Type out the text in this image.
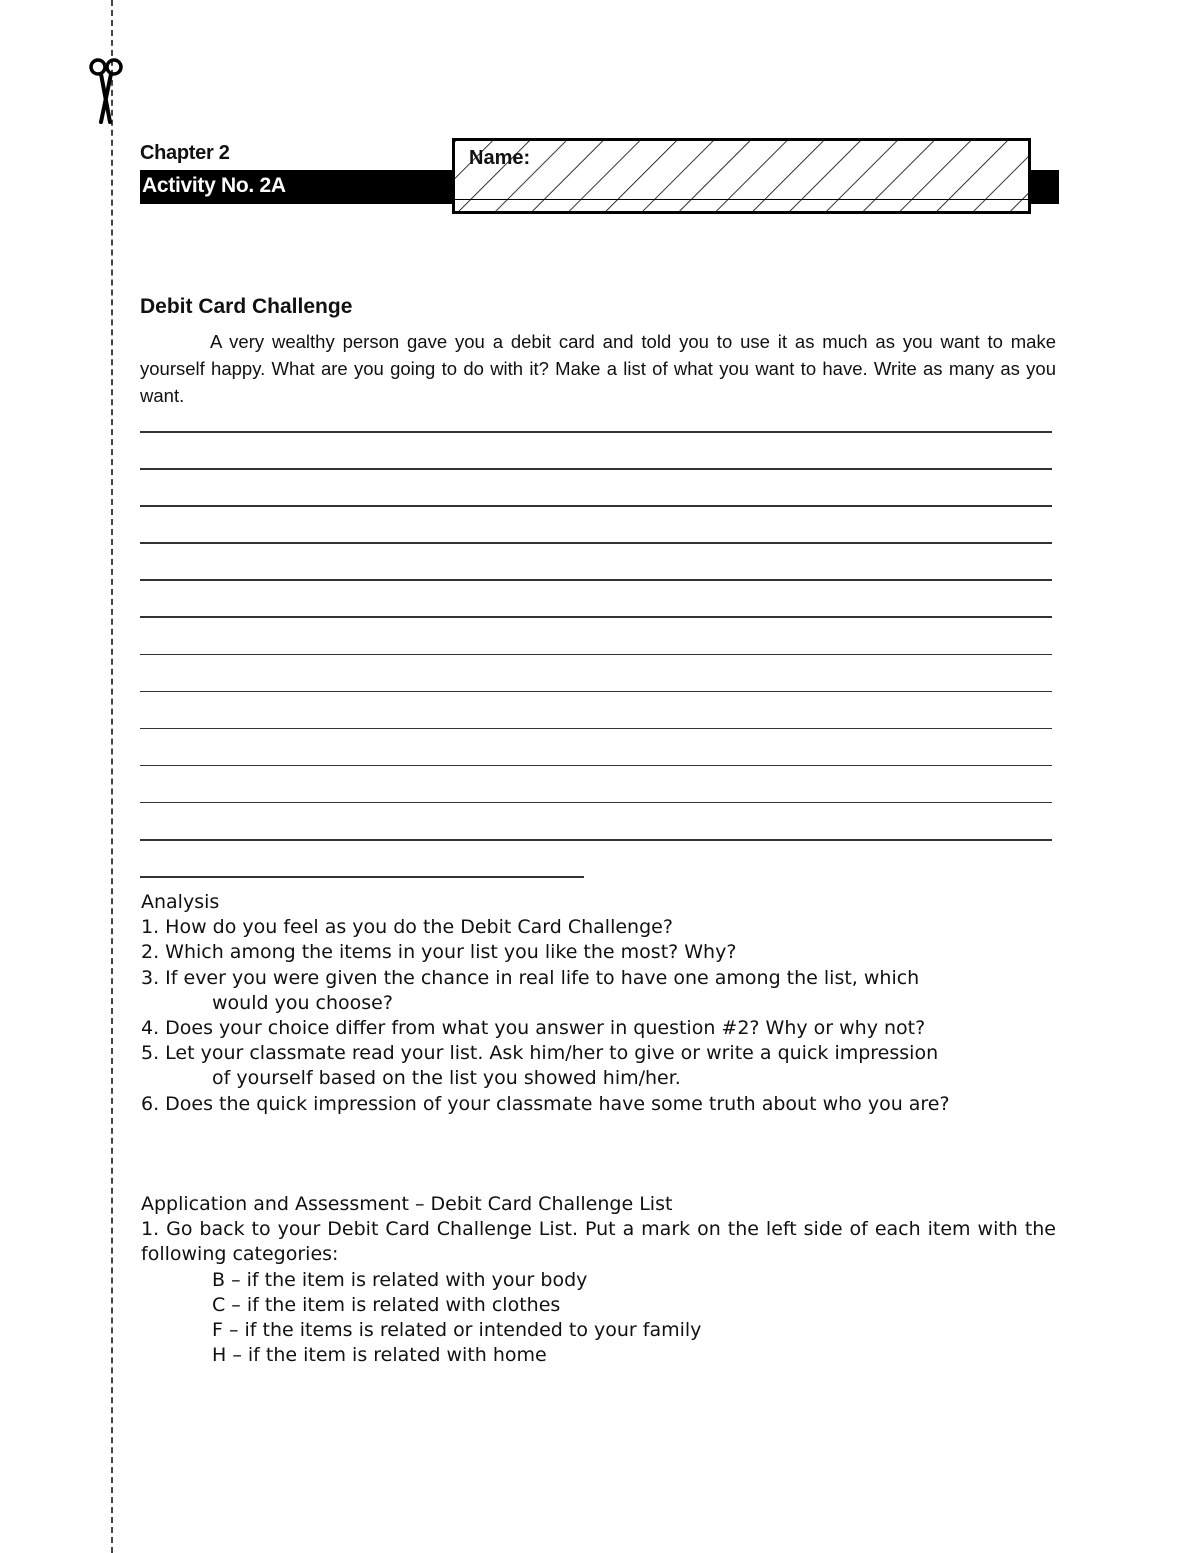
Chapter 2
Activity No. 2A
Name:
Debit Card Challenge

A very wealthy person gave you a debit card and told you to use it as much as you want to make yourself happy. What are you going to do with it? Make a list of what you want to have. Write as many as you want.

Analysis

1. How do you feel as you do the Debit Card Challenge?

2. Which among the items in your list you like the most? Why?

3. If ever you were given the chance in real life to have one among the list, which

would you choose?

4. Does your choice differ from what you answer in question #2? Why or why not?

5. Let your classmate read your list. Ask him/her to give or write a quick impression

of yourself based on the list you showed him/her.

6. Does the quick impression of your classmate have some truth about who you are?

Application and Assessment – Debit Card Challenge List

1. Go back to your Debit Card Challenge List. Put a mark on the left side of each item with the following categories:

B – if the item is related with your body

C – if the item is related with clothes

F – if the items is related or intended to your family

H – if the item is related with home
